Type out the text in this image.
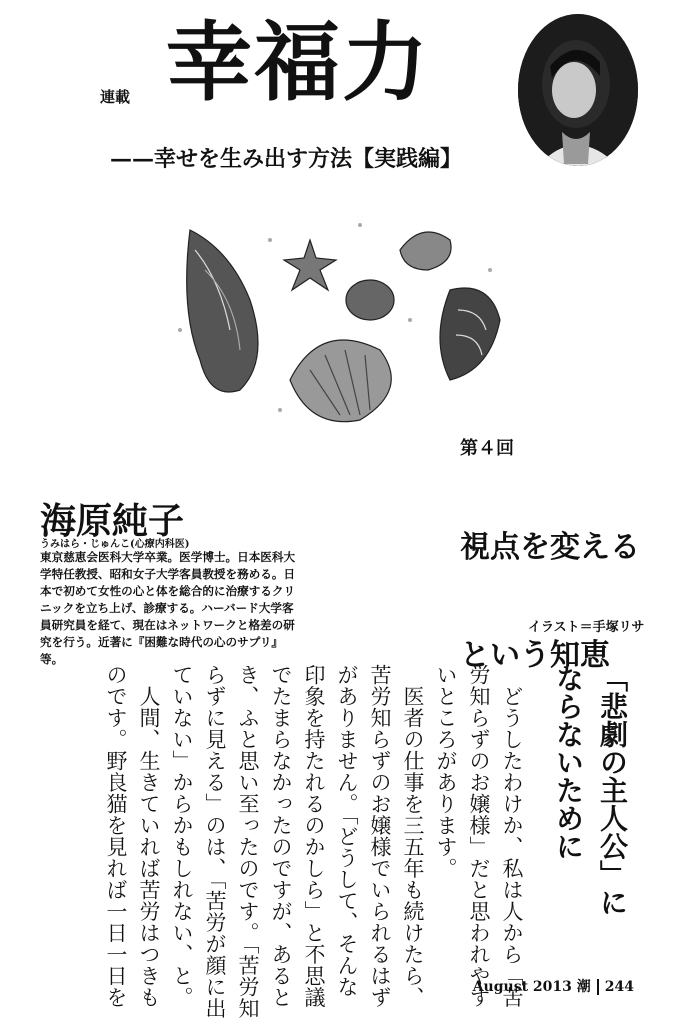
連載 幸福力
——幸せを生み出す方法【実践編】
第４回

視点を変える

という知恵

海原純子
うみはら・じゅんこ(心療内科医)
東京慈恵会医科大学卒業。医学博士。日本医科大学特任教授、昭和女子大学客員教授を務める。日本で初めて女性の心と体を総合的に治療するクリニックを立ち上げ、診療する。ハーバード大学客員研究員を経て、現在はネットワークと格差の研究を行う。近著に『困難な時代の心のサプリ』等。
イラスト＝手塚リサ
「悲劇の主人公」に
ならないために
　どうしたわけか、私は人から「苦
労知らずのお嬢様」だと思われやす
いところがあります。
　医者の仕事を三五年も続けたら、
苦労知らずのお嬢様でいられるはず
がありません。「どうして、そんな
印象を持たれるのかしら」と不思議
でたまらなかったのですが、あると
き、ふと思い至ったのです。「苦労知
らずに見える」のは、「苦労が顔に出
ていない」からかもしれない、と。
　人間、生きていれば苦労はつきも
のです。野良猫を見れば一日一日を	August 2013 潮 244
